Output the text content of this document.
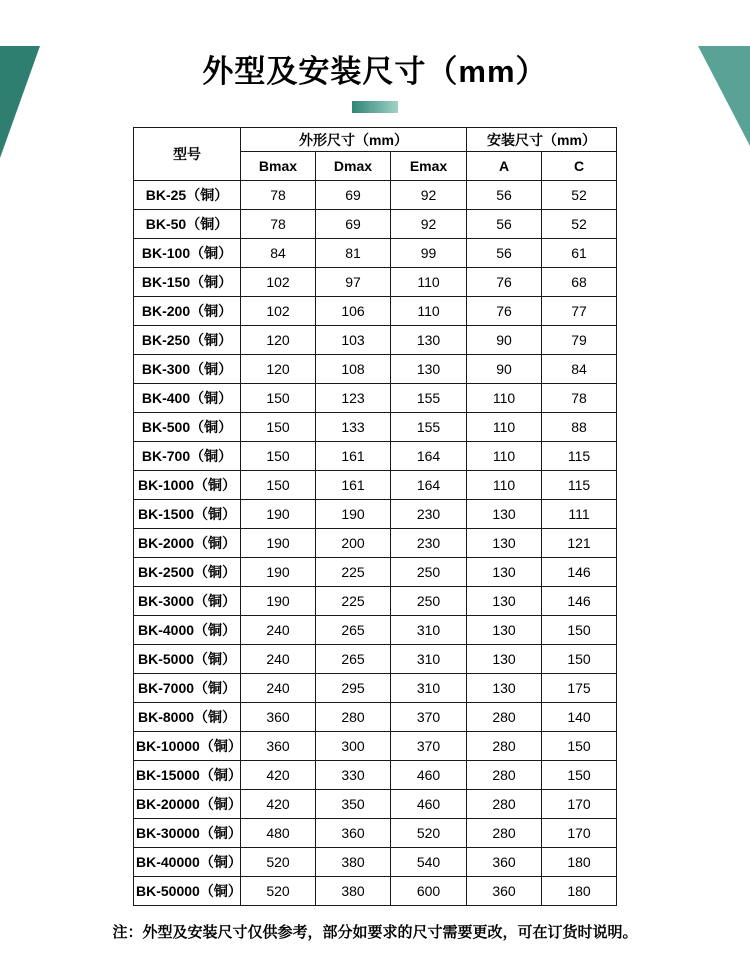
外型及安装尺寸（mm）
型号	外形尺寸（mm）			安装尺寸（mm）	
	Bmax	Dmax	Emax	A	C
BK-25（铜）	78	69	92	56	52
BK-50（铜）	78	69	92	56	52
BK-100（铜）	84	81	99	56	61
BK-150（铜）	102	97	110	76	68
BK-200（铜）	102	106	110	76	77
BK-250（铜）	120	103	130	90	79
BK-300（铜）	120	108	130	90	84
BK-400（铜）	150	123	155	110	78
BK-500（铜）	150	133	155	110	88
BK-700（铜）	150	161	164	110	115
BK-1000（铜）	150	161	164	110	115
BK-1500（铜）	190	190	230	130	111
BK-2000（铜）	190	200	230	130	121
BK-2500（铜）	190	225	250	130	146
BK-3000（铜）	190	225	250	130	146
BK-4000（铜）	240	265	310	130	150
BK-5000（铜）	240	265	310	130	150
BK-7000（铜）	240	295	310	130	175
BK-8000（铜）	360	280	370	280	140
BK-10000（铜）	360	300	370	280	150
BK-15000（铜）	420	330	460	280	150
BK-20000（铜）	420	350	460	280	170
BK-30000（铜）	480	360	520	280	170
BK-40000（铜）	520	380	540	360	180
BK-50000（铜）	520	380	600	360	180

注：外型及安装尺寸仅供参考，部分如要求的尺寸需要更改，可在订货时说明。
